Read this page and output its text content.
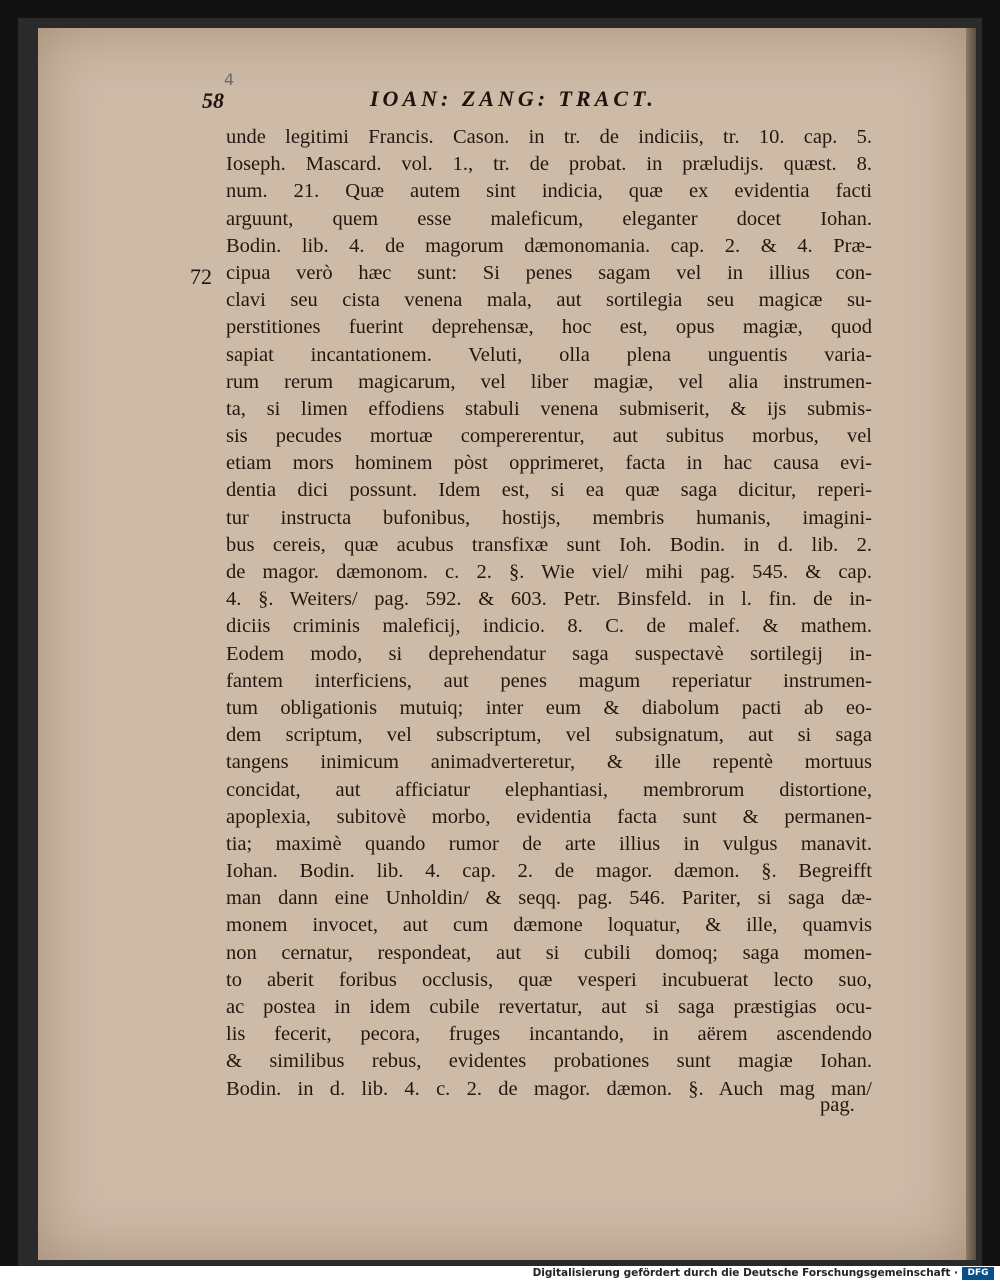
4
58	IOAN: ZANG: TRACT.
72
unde legitimi Francis. Cason. in tr. de indiciis, tr. 10. cap. 5.
Ioseph. Mascard. vol. 1., tr. de probat. in præludijs. quæst. 8.
num. 21. Quæ autem sint indicia, quæ ex evidentia facti
arguunt, quem esse maleficum, eleganter docet Iohan.
Bodin. lib. 4. de magorum dæmonomania. cap. 2. & 4. Præ-
cipua verò hæc sunt: Si penes sagam vel in illius con-
clavi seu cista venena mala, aut sortilegia seu magicæ su-
perstitiones fuerint deprehensæ, hoc est, opus magiæ, quod
sapiat incantationem. Veluti, olla plena unguentis varia-
rum rerum magicarum, vel liber magiæ, vel alia instrumen-
ta, si limen effodiens stabuli venena submiserit, & ijs submis-
sis pecudes mortuæ compererentur, aut subitus morbus, vel
etiam mors hominem pòst opprimeret, facta in hac causa evi-
dentia dici possunt. Idem est, si ea quæ saga dicitur, reperi-
tur instructa bufonibus, hostijs, membris humanis, imagini-
bus cereis, quæ acubus transfixæ sunt Ioh. Bodin. in d. lib. 2.
de magor. dæmonom. c. 2. §. Wie viel/ mihi pag. 545. & cap.
4. §. Weiters/ pag. 592. & 603. Petr. Binsfeld. in l. fin. de in-
diciis criminis maleficij, indicio. 8. C. de malef. & mathem.
Eodem modo, si deprehendatur saga suspectavè sortilegij in-
fantem interficiens, aut penes magum reperiatur instrumen-
tum obligationis mutuiq; inter eum & diabolum pacti ab eo-
dem scriptum, vel subscriptum, vel subsignatum, aut si saga
tangens inimicum animadverteretur, & ille repentè mortuus
concidat, aut afficiatur elephantiasi, membrorum distortione,
apoplexia, subitovè morbo, evidentia facta sunt & permanen-
tia; maximè quando rumor de arte illius in vulgus manavit.
Iohan. Bodin. lib. 4. cap. 2. de magor. dæmon. §. Begreifft
man dann eine Unholdin/ & seqq. pag. 546. Pariter, si saga dæ-
monem invocet, aut cum dæmone loquatur, & ille, quamvis
non cernatur, respondeat, aut si cubili domoq; saga momen-
to aberit foribus occlusis, quæ vesperi incubuerat lecto suo,
ac postea in idem cubile revertatur, aut si saga præstigias ocu-
lis fecerit, pecora, fruges incantando, in aërem ascendendo
& similibus rebus, evidentes probationes sunt magiæ Iohan.
Bodin. in d. lib. 4. c. 2. de magor. dæmon. §. Auch mag man/
pag.
Digitalisierung gefördert durch die Deutsche Forschungsgemeinschaft ·	DFG
